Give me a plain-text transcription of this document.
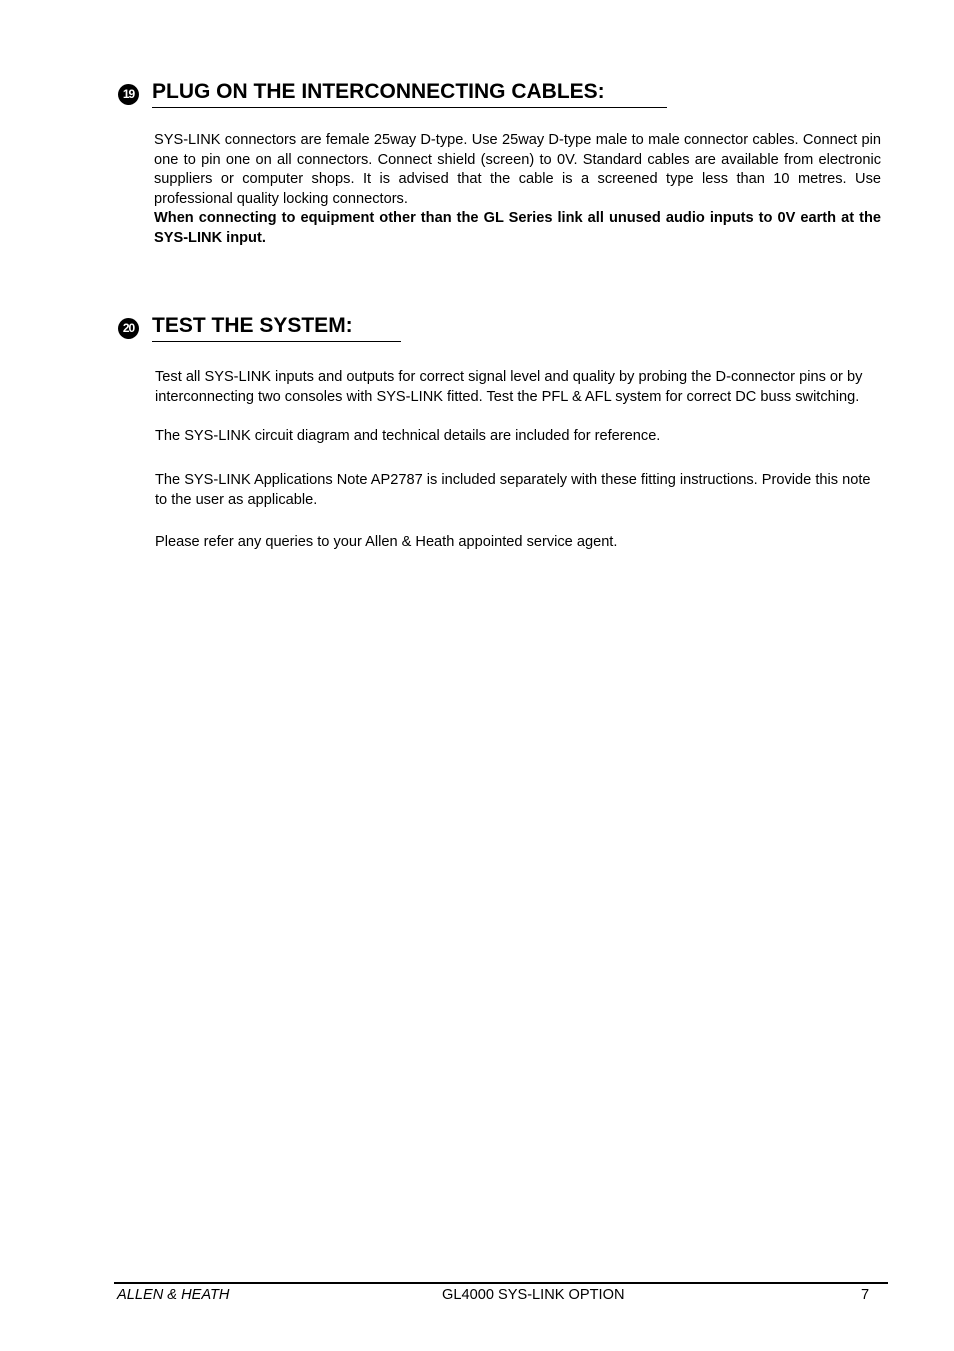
19 PLUG ON THE INTERCONNECTING CABLES:

SYS-LINK connectors are female 25way D-type. Use 25way D-type male to male connector cables. Connect pin one to pin one on all connectors. Connect shield (screen) to 0V. Standard cables are available from electronic suppliers or computer shops. It is advised that the cable is a screened type less than 10 metres. Use professional quality locking connectors.

When connecting to equipment other than the GL Series link all unused audio inputs to 0V earth at the SYS-LINK input.

20 TEST THE SYSTEM:

Test all SYS-LINK inputs and outputs for correct signal level and quality by probing the D-connector pins or by interconnecting two consoles with SYS-LINK fitted. Test the PFL & AFL system for correct DC buss switching.

The SYS-LINK circuit diagram and technical details are included for reference.

The SYS-LINK Applications Note AP2787 is included separately with these fitting instructions. Provide this note to the user as applicable.

Please refer any queries to your Allen & Heath appointed service agent.

ALLEN & HEATH	GL4000 SYS-LINK OPTION	7
